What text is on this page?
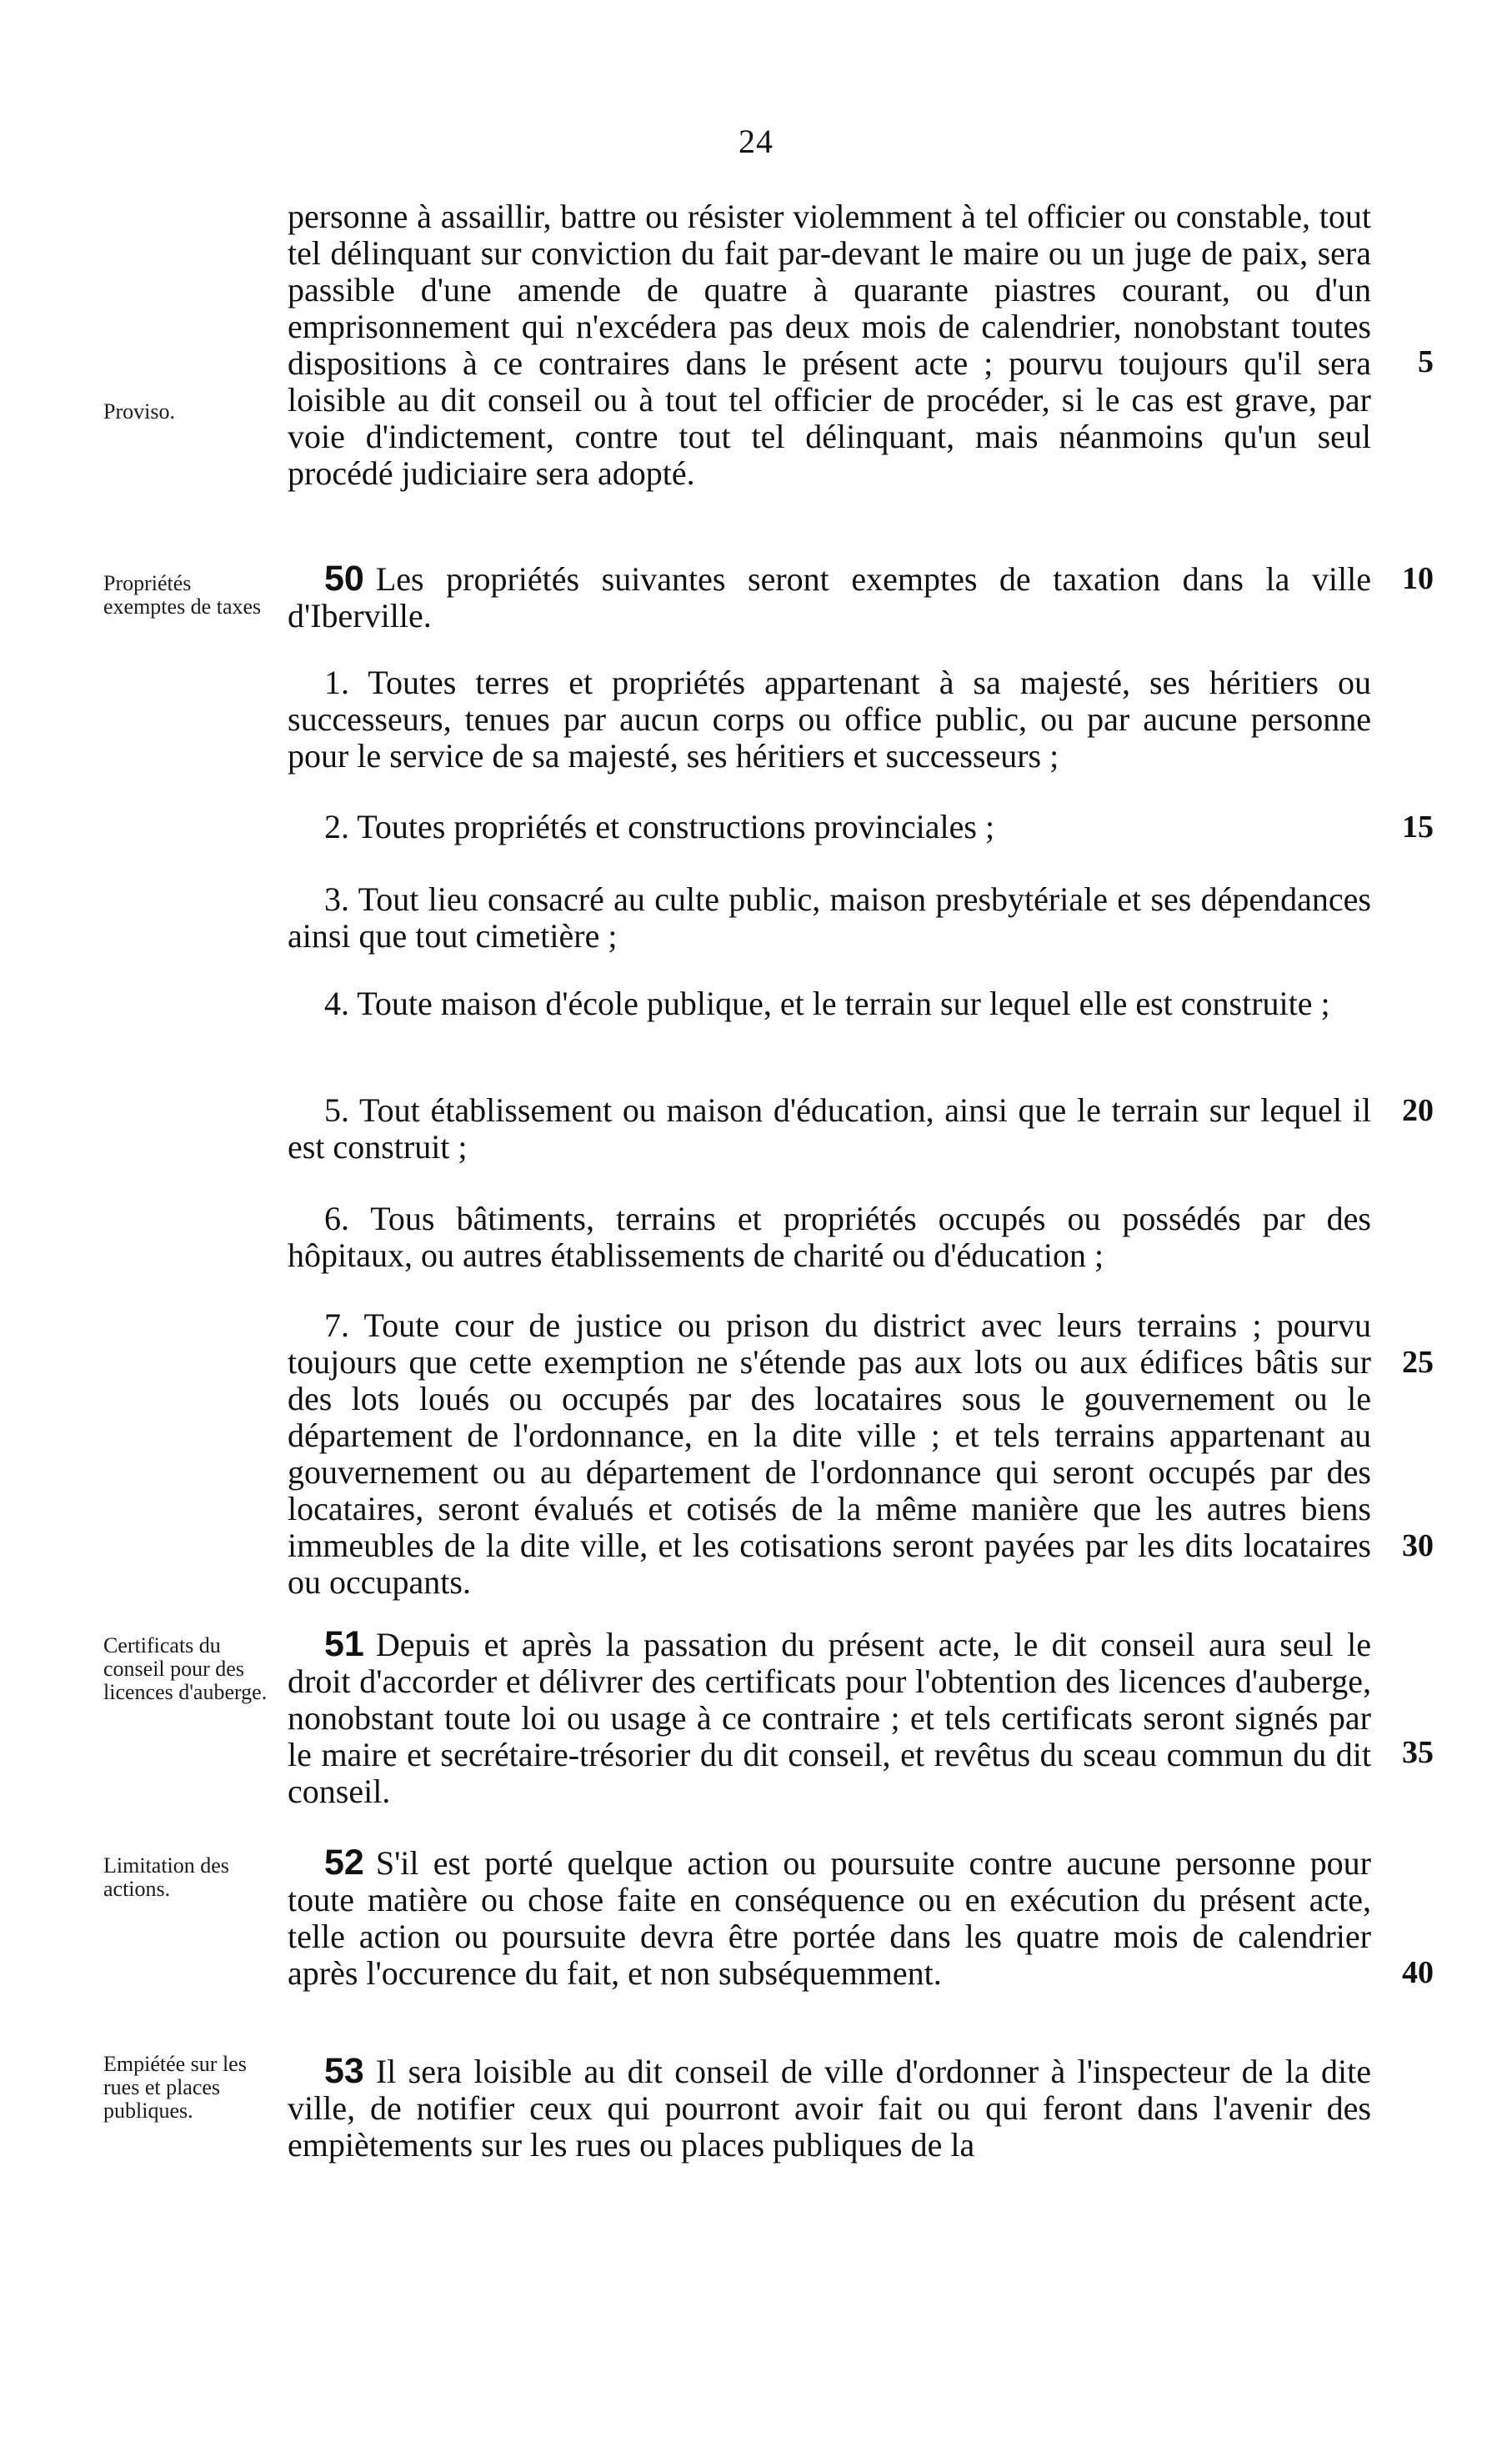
24
Proviso.
Propriétés exemptes de taxes
Certificats du conseil pour des licences d'auberge.
Limitation des actions.
Empiétée sur les rues et places publiques.
personne à assaillir, battre ou résister violemment à tel officier ou constable, tout tel délinquant sur conviction du fait par-devant le maire ou un juge de paix, sera passible d'une amende de quatre à quarante piastres courant, ou d'un emprisonnement qui n'excédera pas deux mois de calendrier, nonobstant toutes dispositions à ce contraires dans le présent acte ; pourvu toujours qu'il sera loisible au dit conseil ou à tout tel officier de procéder, si le cas est grave, par voie d'indictement, contre tout tel délinquant, mais néanmoins qu'un seul procédé judiciaire sera adopté.
50 Les propriétés suivantes seront exemptes de taxation dans la ville d'Iberville.
1. Toutes terres et propriétés appartenant à sa majesté, ses héritiers ou successeurs, tenues par aucun corps ou office public, ou par aucune personne pour le service de sa majesté, ses héritiers et successeurs ;
2. Toutes propriétés et constructions provinciales ;
3. Tout lieu consacré au culte public, maison presbytériale et ses dépendances ainsi que tout cimetière ;
4. Toute maison d'école publique, et le terrain sur lequel elle est construite ;
5. Tout établissement ou maison d'éducation, ainsi que le terrain sur lequel il est construit ;
6. Tous bâtiments, terrains et propriétés occupés ou possédés par des hôpitaux, ou autres établissements de charité ou d'éducation ;
7. Toute cour de justice ou prison du district avec leurs terrains ; pourvu toujours que cette exemption ne s'étende pas aux lots ou aux édifices bâtis sur des lots loués ou occupés par des locataires sous le gouvernement ou le département de l'ordonnance, en la dite ville ; et tels terrains appartenant au gouvernement ou au département de l'ordonnance qui seront occupés par des locataires, seront évalués et cotisés de la même manière que les autres biens immeubles de la dite ville, et les cotisations seront payées par les dits locataires ou occupants.
51 Depuis et après la passation du présent acte, le dit conseil aura seul le droit d'accorder et délivrer des certificats pour l'obtention des licences d'auberge, nonobstant toute loi ou usage à ce contraire ; et tels certificats seront signés par le maire et secrétaire-trésorier du dit conseil, et revêtus du sceau commun du dit conseil.
52 S'il est porté quelque action ou poursuite contre aucune personne pour toute matière ou chose faite en conséquence ou en exécution du présent acte, telle action ou poursuite devra être portée dans les quatre mois de calendrier après l'occurence du fait, et non subséquemment.
53 Il sera loisible au dit conseil de ville d'ordonner à l'inspecteur de la dite ville, de notifier ceux qui pourront avoir fait ou qui feront dans l'avenir des empiètements sur les rues ou places publiques de la
5
10
15
20
25
30
35
40
